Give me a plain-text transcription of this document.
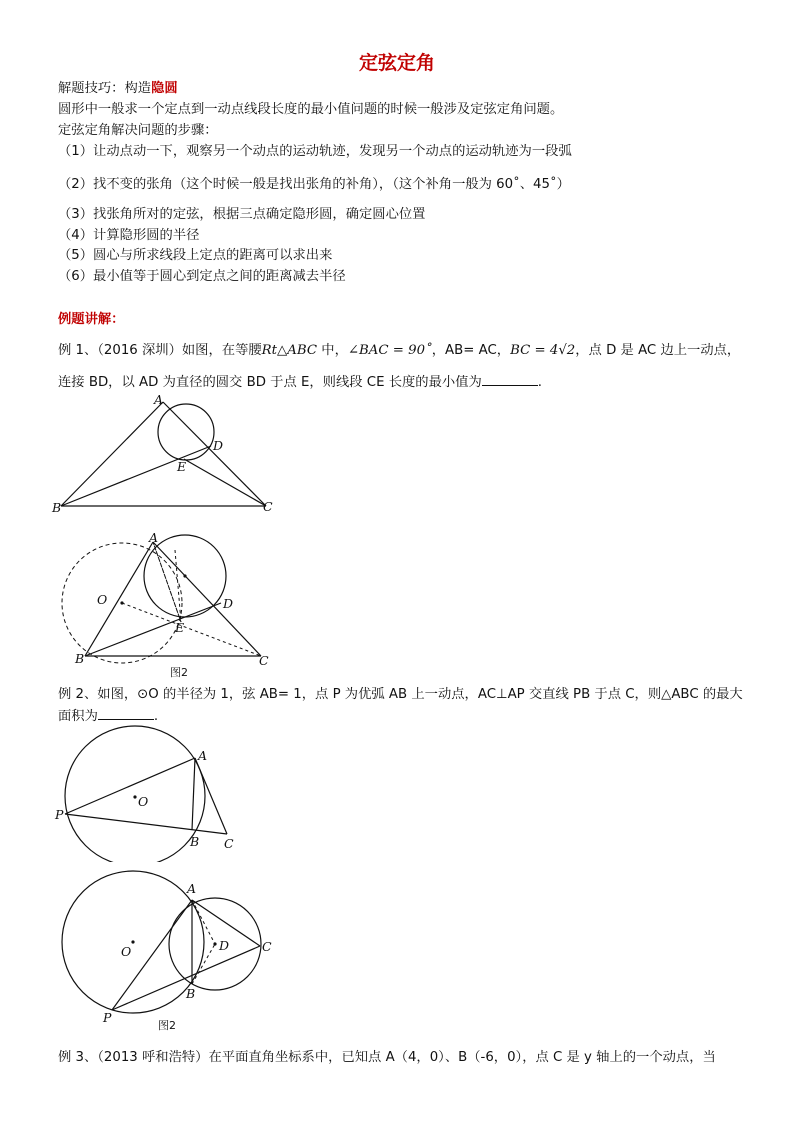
定弦定角
解题技巧：构造隐圆
圆形中一般求一个定点到一动点线段长度的最小值问题的时候一般涉及定弦定角问题。
定弦定角解决问题的步骤：
（1）让动点动一下，观察另一个动点的运动轨迹，发现另一个动点的运动轨迹为一段弧
（2）找不变的张角（这个时候一般是找出张角的补角），（这个补角一般为 60˚、45˚）
（3）找张角所对的定弦，根据三点确定隐形圆，确定圆心位置
（4）计算隐形圆的半径
（5）圆心与所求线段上定点的距离可以求出来
（6）最小值等于圆心到定点之间的距离减去半径
例题讲解：
例 1、（2016 深圳）如图，在等腰Rt△ABC 中，∠BAC = 90˚，AB= AC，BC = 4√2，点 D 是 AC 边上一动点，
连接 BD，以 AD 为直径的圆交 BD 于点 E，则线段 CE 长度的最小值为	.
A
B	C
D
E
A
B	C
D
E
O
图2
例 2、如图，⊙O 的半径为 1，弦 AB= 1，点 P 为优弧 AB 上一动点，AC⊥AP 交直线 PB 于点 C，则△ABC 的最大
面积为	.
A
B C
O
P
A
B
C
D
O
P
图2
例 3、（2013 呼和浩特）在平面直角坐标系中，已知点 A（4，0）、B（-6，0），点 C 是 y 轴上的一个动点，当
